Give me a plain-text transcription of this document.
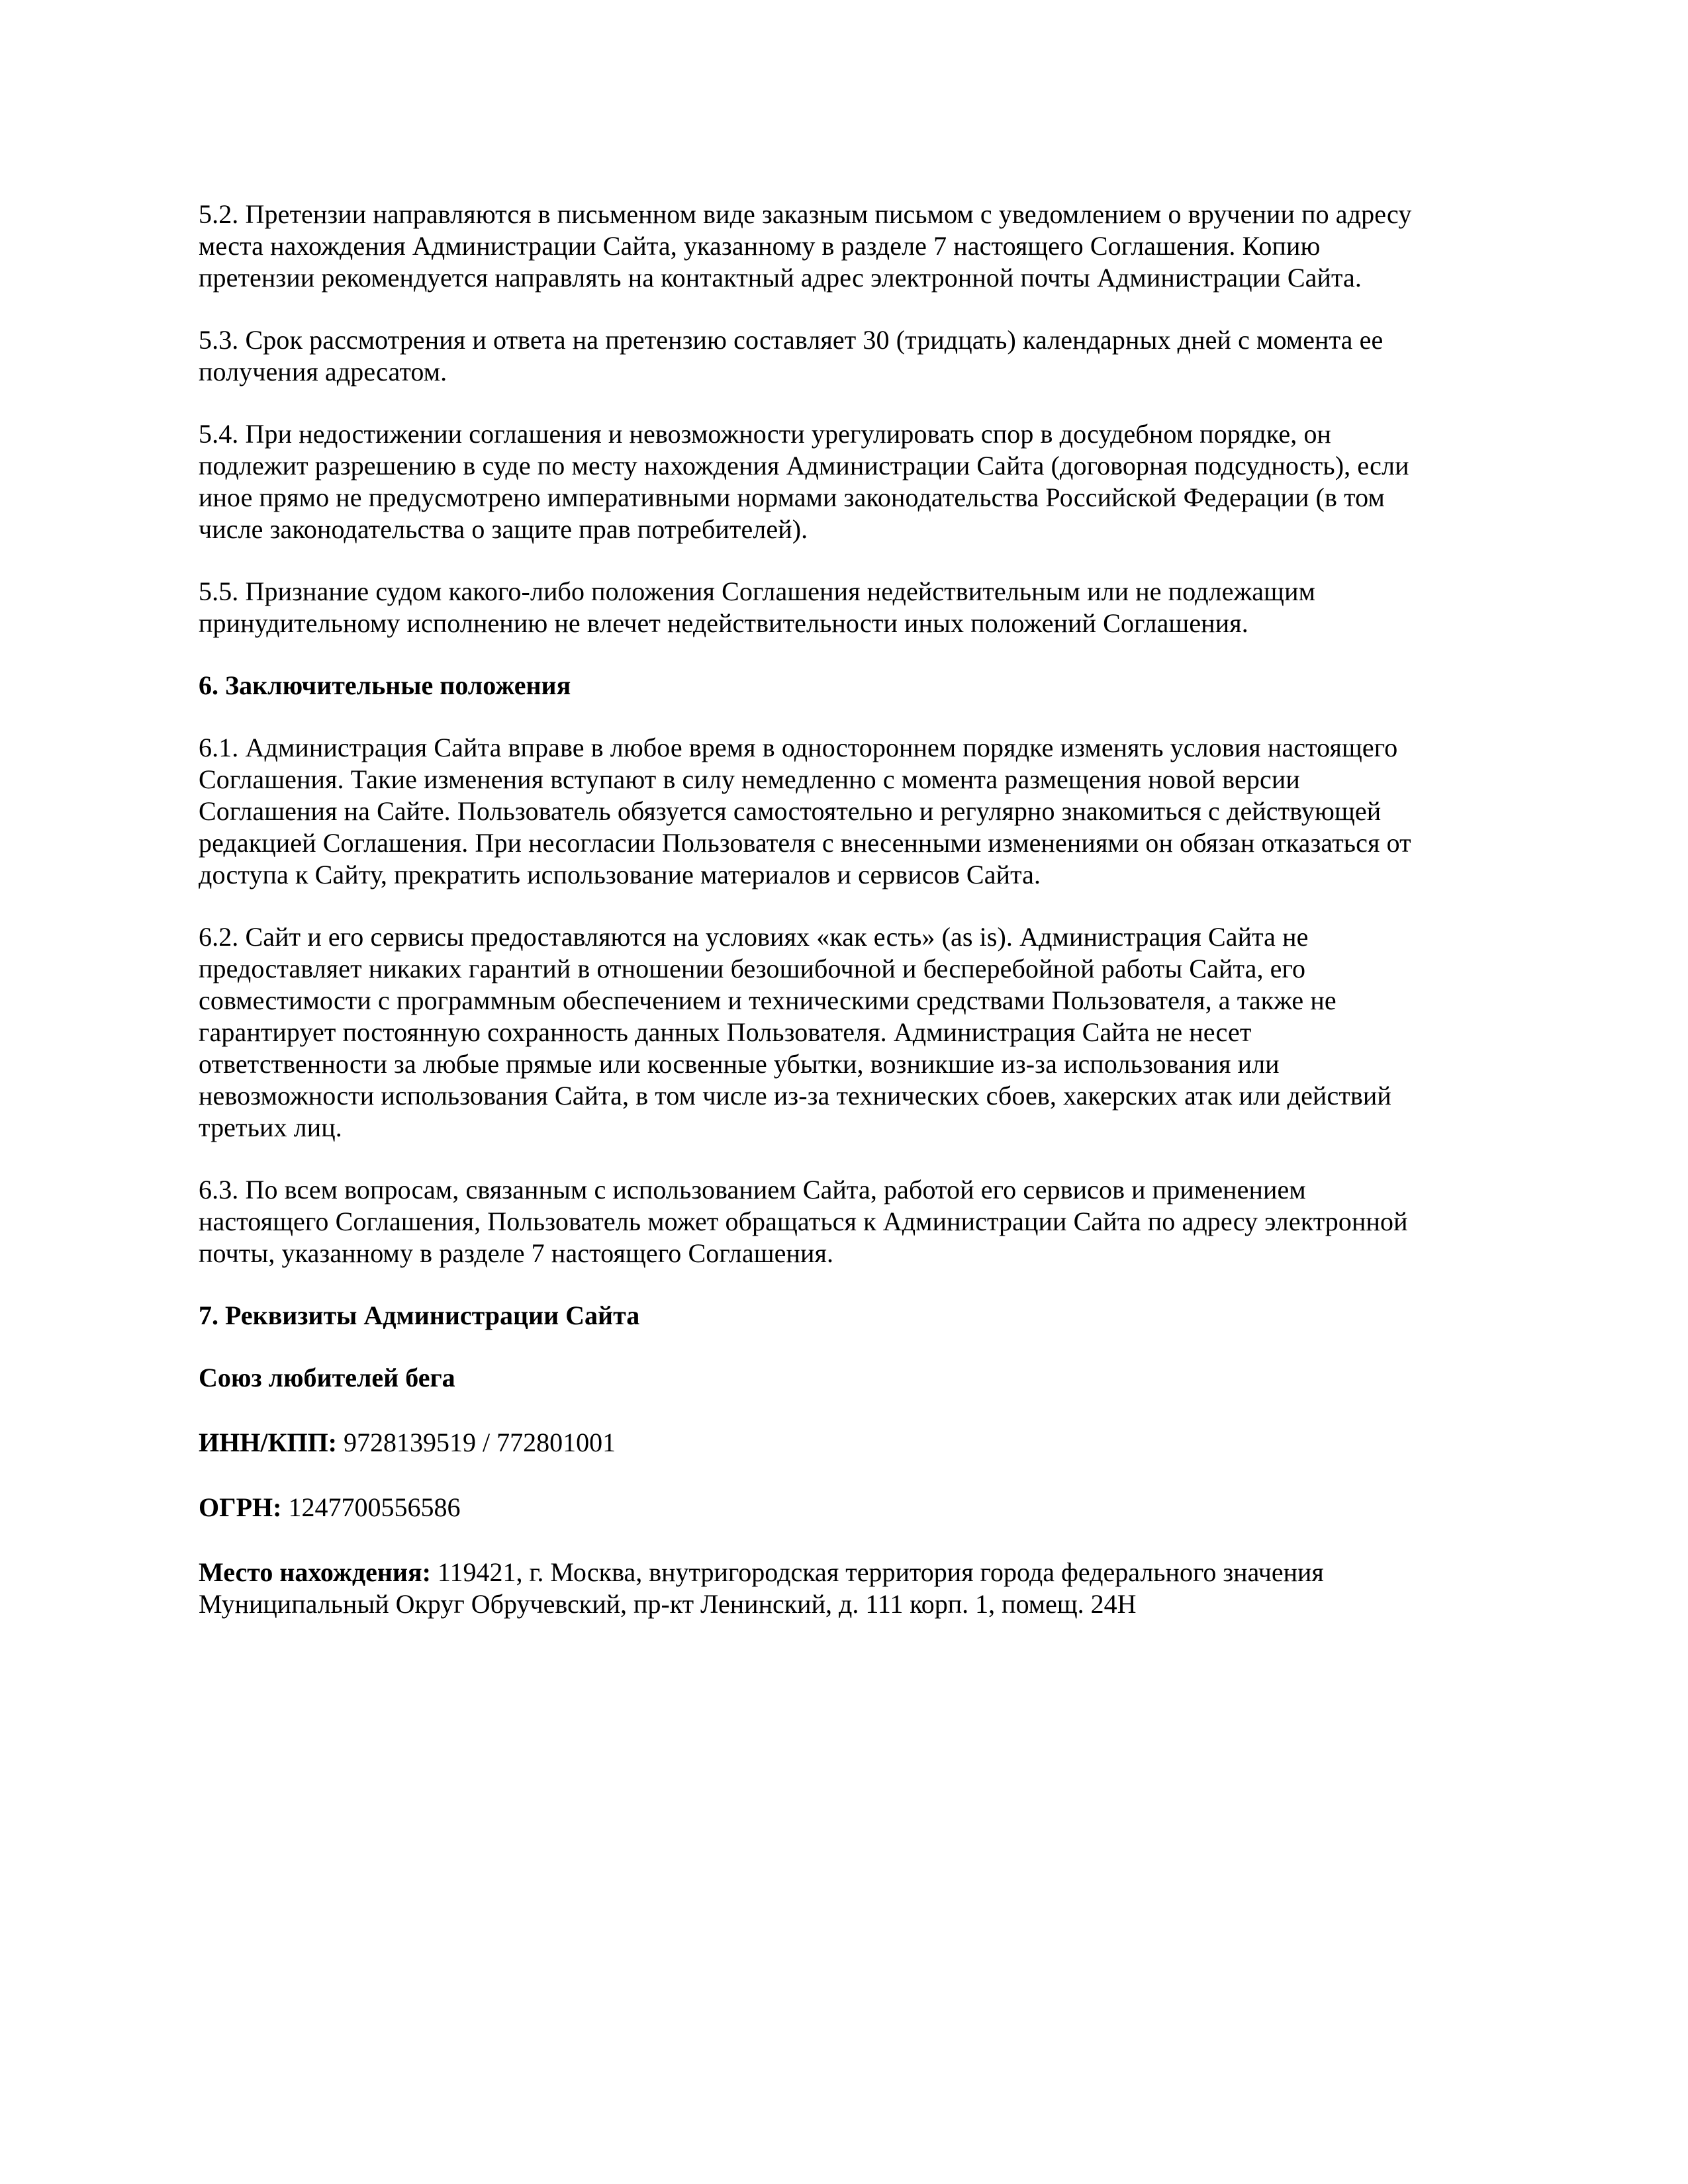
5.2. Претензии направляются в письменном виде заказным письмом с уведомлением о вручении по адресу места нахождения Администрации Сайта, указанному в разделе 7 настоящего Соглашения. Копию претензии рекомендуется направлять на контактный адрес электронной почты Администрации Сайта.

5.3. Срок рассмотрения и ответа на претензию составляет 30 (тридцать) календарных дней с момента ее получения адресатом.

5.4. При недостижении соглашения и невозможности урегулировать спор в досудебном порядке, он подлежит разрешению в суде по месту нахождения Администрации Сайта (договорная подсудность), если иное прямо не предусмотрено императивными нормами законодательства Российской Федерации (в том числе законодательства о защите прав потребителей).

5.5. Признание судом какого-либо положения Соглашения недействительным или не подлежащим принудительному исполнению не влечет недействительности иных положений Соглашения.

6. Заключительные положения

6.1. Администрация Сайта вправе в любое время в одностороннем порядке изменять условия настоящего Соглашения. Такие изменения вступают в силу немедленно с момента размещения новой версии Соглашения на Сайте. Пользователь обязуется самостоятельно и регулярно знакомиться с действующей редакцией Соглашения. При несогласии Пользователя с внесенными изменениями он обязан отказаться от доступа к Сайту, прекратить использование материалов и сервисов Сайта.

6.2. Сайт и его сервисы предоставляются на условиях «как есть» (as is). Администрация Сайта не предоставляет никаких гарантий в отношении безошибочной и бесперебойной работы Сайта, его совместимости с программным обеспечением и техническими средствами Пользователя, а также не гарантирует постоянную сохранность данных Пользователя. Администрация Сайта не несет ответственности за любые прямые или косвенные убытки, возникшие из-за использования или невозможности использования Сайта, в том числе из-за технических сбоев, хакерских атак или действий третьих лиц.

6.3. По всем вопросам, связанным с использованием Сайта, работой его сервисов и применением настоящего Соглашения, Пользователь может обращаться к Администрации Сайта по адресу электронной почты, указанному в разделе 7 настоящего Соглашения.

7. Реквизиты Администрации Сайта

Союз любителей бега

ИНН/КПП: 9728139519 / 772801001

ОГРН: 1247700556586

Место нахождения: 119421, г. Москва, внутригородская территория города федерального значения Муниципальный Округ Обручевский, пр-кт Ленинский, д. 111 корп. 1, помещ. 24Н
